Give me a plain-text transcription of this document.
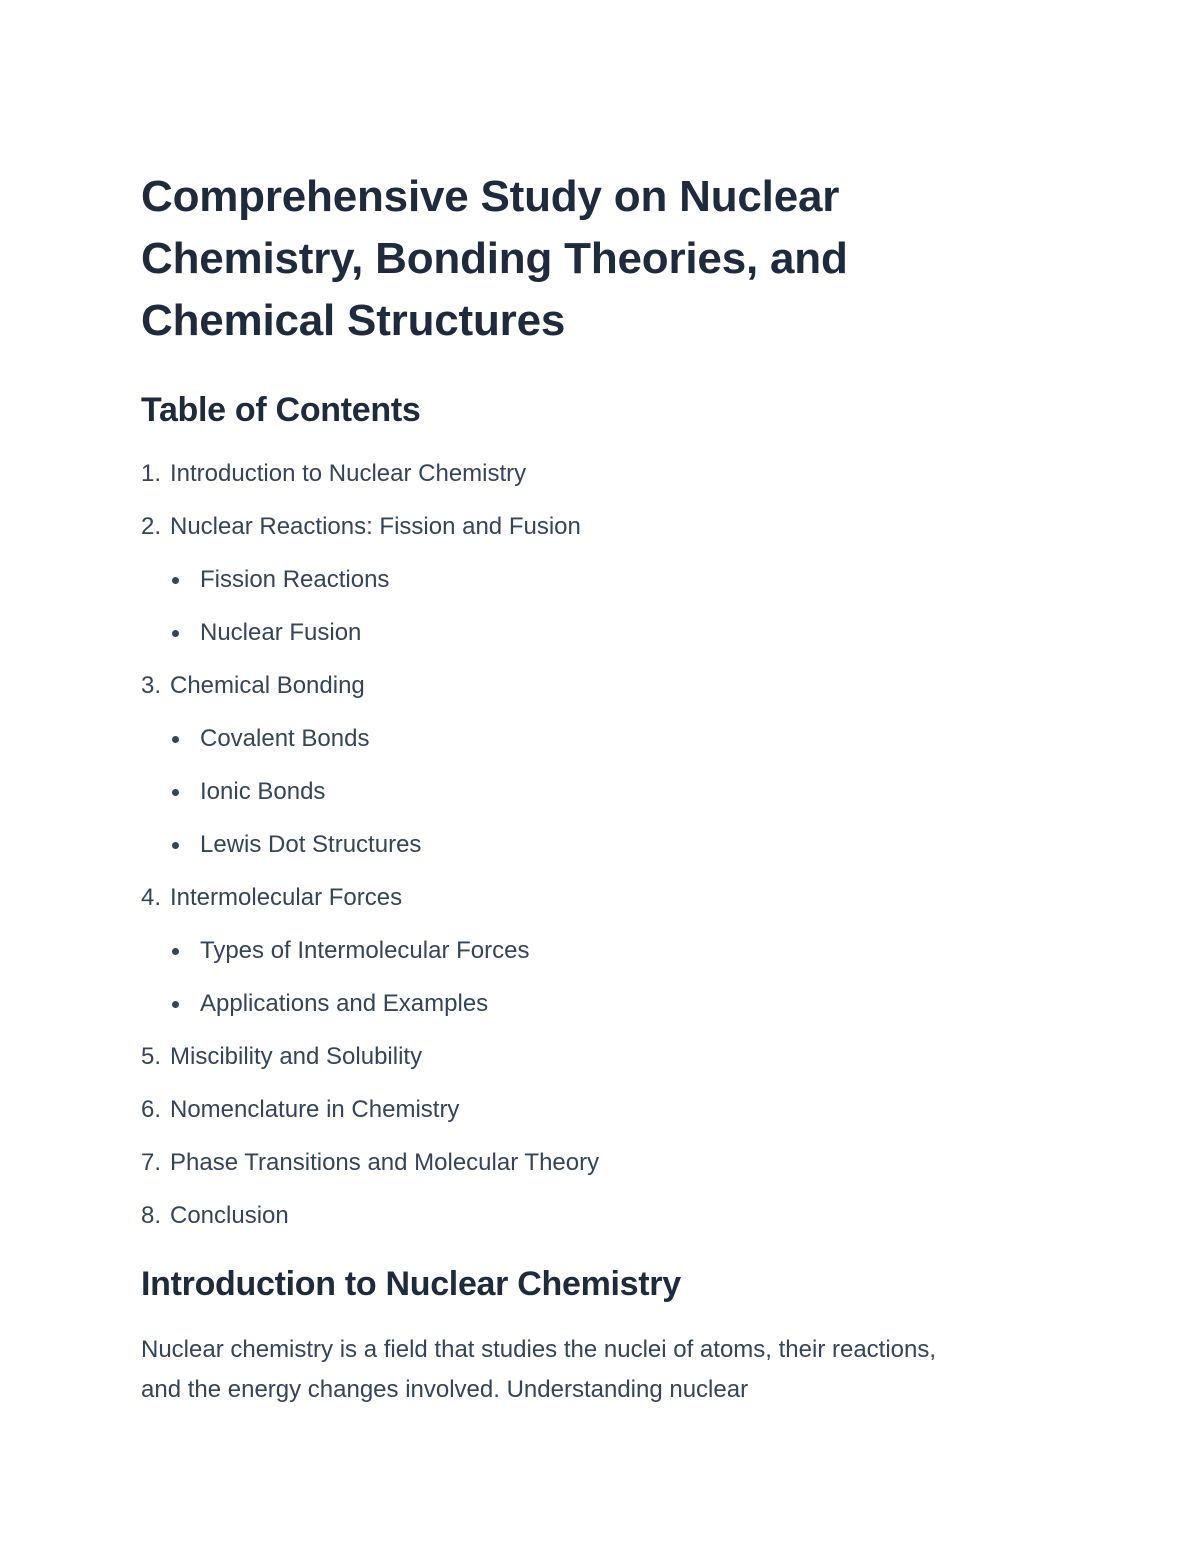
Comprehensive Study on Nuclear Chemistry, Bonding Theories, and Chemical Structures
Table of Contents
1. Introduction to Nuclear Chemistry
2. Nuclear Reactions: Fission and Fusion
Fission Reactions
Nuclear Fusion
3. Chemical Bonding
Covalent Bonds
Ionic Bonds
Lewis Dot Structures
4. Intermolecular Forces
Types of Intermolecular Forces
Applications and Examples
5. Miscibility and Solubility
6. Nomenclature in Chemistry
7. Phase Transitions and Molecular Theory
8. Conclusion
Introduction to Nuclear Chemistry

Nuclear chemistry is a field that studies the nuclei of atoms, their reactions, and the energy changes involved. Understanding nuclear
